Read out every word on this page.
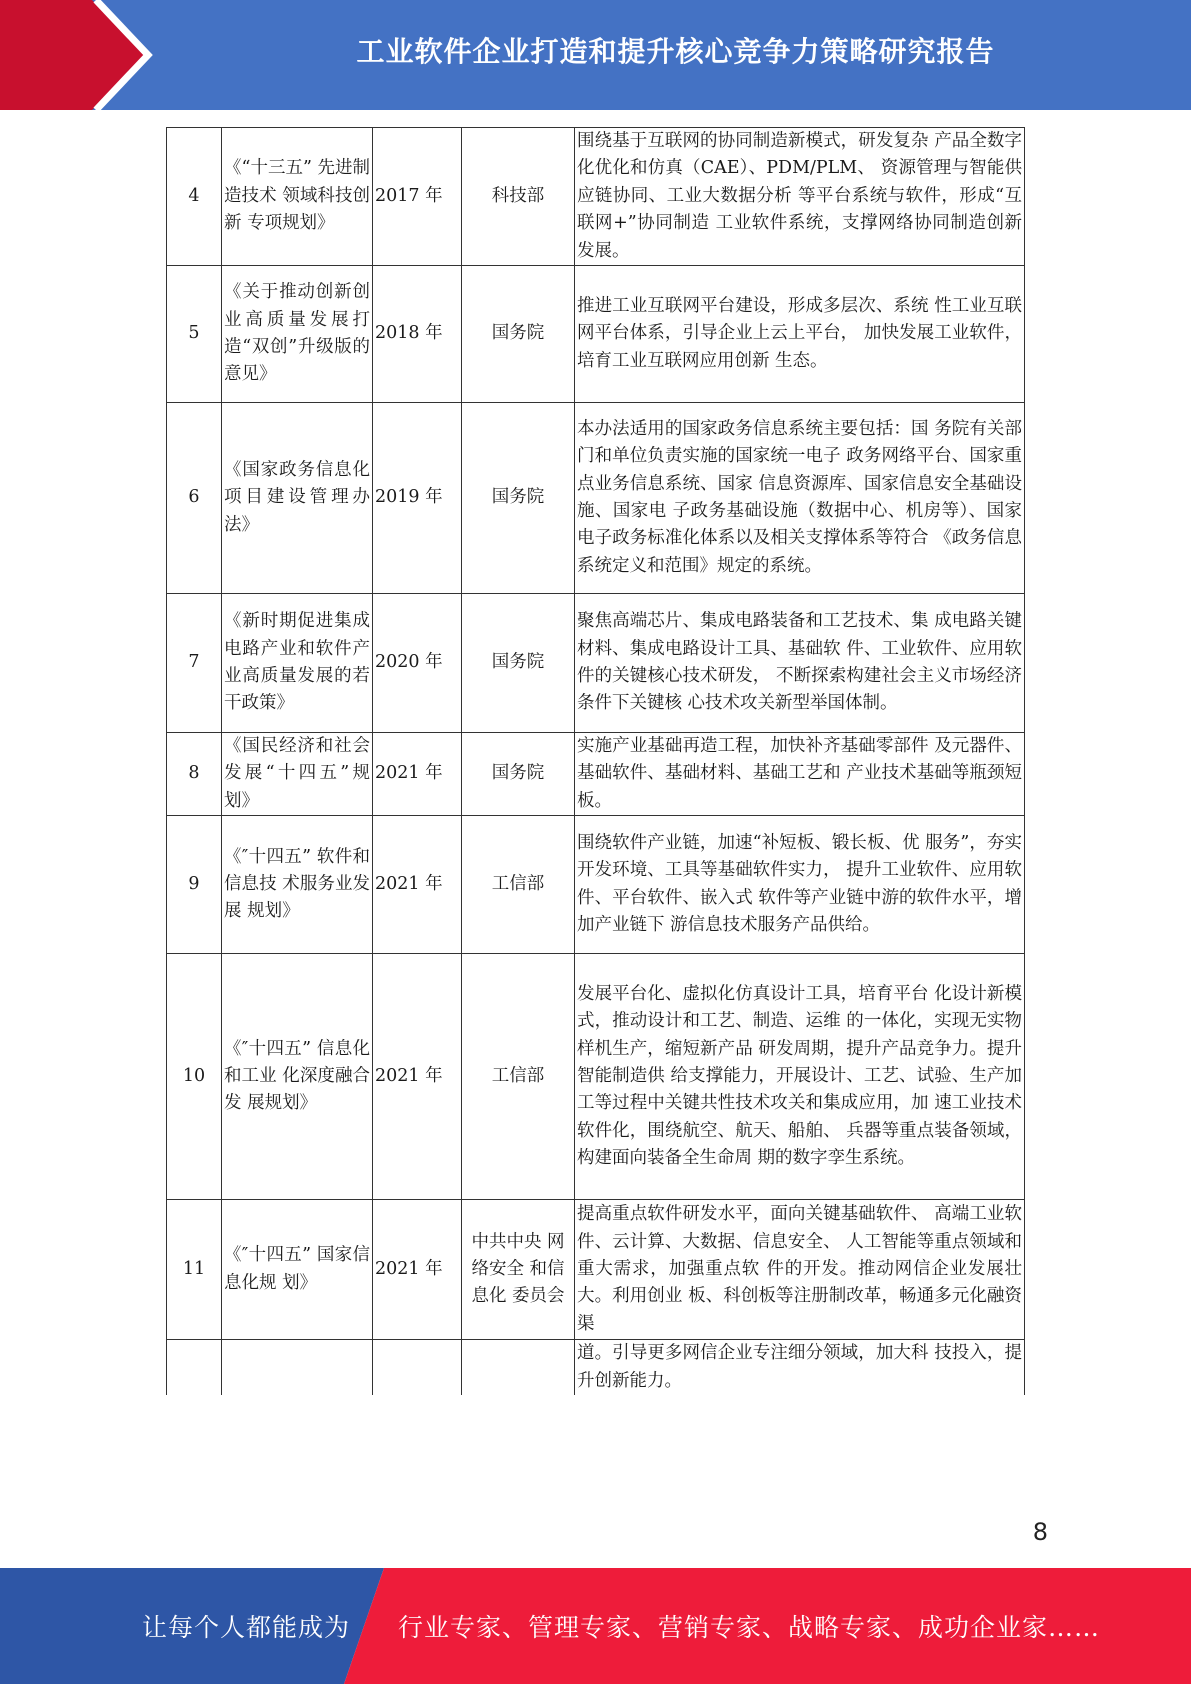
工业软件企业打造和提升核心竞争力策略研究报告
4	《“十三五” 先进制造技术 领域科技创新 专项规划》	2017 年	科技部	围绕基于互联网的协同制造新模式，研发复杂 产品全数字化优化和仿真（CAE）、PDM/PLM、 资源管理与智能供应链协同、工业大数据分析 等平台系统与软件，形成“互联网+”协同制造 工业软件系统，支撑网络协同制造创新发展。
5	《关于推动创新创业高质量发展打造“双创”升级版的意见》	2018 年	国务院	推进工业互联网平台建设，形成多层次、系统 性工业互联网平台体系，引导企业上云上平台， 加快发展工业软件，培育工业互联网应用创新 生态。
6	《国家政务信息化项目建设管理办法》	2019 年	国务院	本办法适用的国家政务信息系统主要包括：国 务院有关部门和单位负责实施的国家统一电子 政务网络平台、国家重点业务信息系统、国家 信息资源库、国家信息安全基础设施、国家电 子政务基础设施（数据中心、机房等）、国家 电子政务标准化体系以及相关支撑体系等符合 《政务信息系统定义和范围》规定的系统。
7	《新时期促进集成电路产业和软件产业高质量发展的若干政策》	2020 年	国务院	聚焦高端芯片、集成电路装备和工艺技术、集 成电路关键材料、集成电路设计工具、基础软 件、工业软件、应用软件的关键核心技术研发， 不断探索构建社会主义市场经济条件下关键核 心技术攻关新型举国体制。
8	《国民经济和社会发展“十四五”规划》	2021 年	国务院	实施产业基础再造工程，加快补齐基础零部件 及元器件、基础软件、基础材料、基础工艺和 产业技术基础等瓶颈短板。
9	《″十四五” 软件和信息技 术服务业发展 规划》	2021 年	工信部	围绕软件产业链，加速“补短板、锻长板、优 服务”，夯实开发环境、工具等基础软件实力， 提升工业软件、应用软件、平台软件、嵌入式 软件等产业链中游的软件水平，增加产业链下 游信息技术服务产品供给。
10	《″十四五” 信息化和工业 化深度融合发 展规划》	2021 年	工信部	发展平台化、虚拟化仿真设计工具，培育平台 化设计新模式，推动设计和工艺、制造、运维 的一体化，实现无实物样机生产，缩短新产品 研发周期，提升产品竞争力。提升智能制造供 给支撑能力，开展设计、工艺、试验、生产加 工等过程中关键共性技术攻关和集成应用，加 速工业技术软件化，围绕航空、航天、船舶、 兵器等重点装备领域，构建面向装备全生命周 期的数字孪生系统。
11	《″十四五” 国家信息化规 划》	2021 年	中共中央 网络安全 和信息化 委员会	提高重点软件研发水平，面向关键基础软件、 高端工业软件、云计算、大数据、信息安全、 人工智能等重点领域和重大需求，加强重点软 件的开发。推动网信企业发展壮大。利用创业 板、科创板等注册制改革，畅通多元化融资渠
				道。引导更多网信企业专注细分领域，加大科 技投入，提升创新能力。
8
让每个人都能成为 行业专家、管理专家、营销专家、战略专家、成功企业家……
